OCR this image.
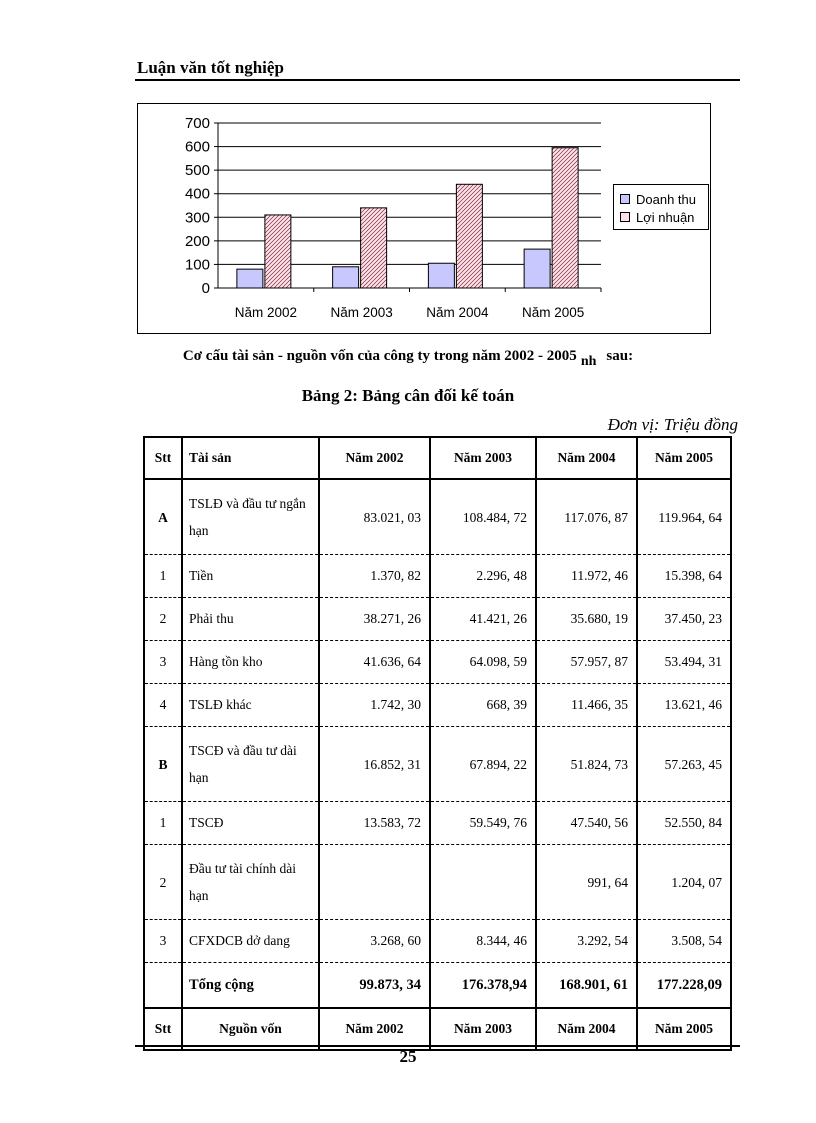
Luận văn tốt nghiệp
0
100
200
300
400
500
600
700
Năm 2002 Năm 2003 Năm 2004 Năm 2005
Doanh thu
Lợi nhuận
Cơ cấu tài sản - nguồn vốn của công ty trong năm 2002 - 2005 nh sau:
Bảng 2: Bảng cân đối kế toán
Đơn vị: Triệu đồng
Stt	Tài sản	Năm 2002	Năm 2003	Năm 2004	Năm 2005
A	TSLĐ và đầu tư ngắn hạn	83.021, 03	108.484, 72	117.076, 87	119.964, 64
1	Tiền	1.370, 82	2.296, 48	11.972, 46	15.398, 64
2	Phải thu	38.271, 26	41.421, 26	35.680, 19	37.450, 23
3	Hàng tồn kho	41.636, 64	64.098, 59	57.957, 87	53.494, 31
4	TSLĐ khác	1.742, 30	668, 39	11.466, 35	13.621, 46
B	TSCĐ và đầu tư dài hạn	16.852, 31	67.894, 22	51.824, 73	57.263, 45
1	TSCĐ	13.583, 72	59.549, 76	47.540, 56	52.550, 84
2	Đầu tư tài chính dài hạn			991, 64	1.204, 07
3	CFXDCB dở dang	3.268, 60	8.344, 46	3.292, 54	3.508, 54
	Tổng cộng	99.873, 34	176.378,94	168.901, 61	177.228,09
Stt	Nguồn vốn	Năm 2002	Năm 2003	Năm 2004	Năm 2005
25
